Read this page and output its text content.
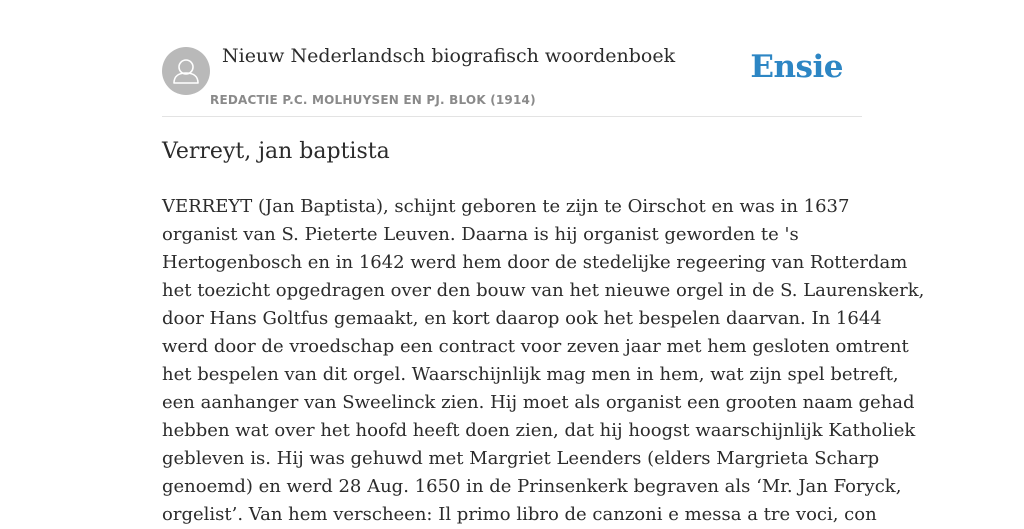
Nieuw Nederlandsch biografisch woordenboek
REDACTIE P.C. MOLHUYSEN EN PJ. BLOK (1914)
Ensie
Verreyt, jan baptista
VERREYT (Jan Baptista), schijnt geboren te zijn te Oirschot en was in 1637
organist van S. Pieterte Leuven. Daarna is hij organist geworden te 's
Hertogenbosch en in 1642 werd hem door de stedelijke regeering van Rotterdam
het toezicht opgedragen over den bouw van het nieuwe orgel in de S. Laurenskerk,
door Hans Goltfus gemaakt, en kort daarop ook het bespelen daarvan. In 1644
werd door de vroedschap een contract voor zeven jaar met hem gesloten omtrent
het bespelen van dit orgel. Waarschijnlijk mag men in hem, wat zijn spel betreft,
een aanhanger van Sweelinck zien. Hij moet als organist een grooten naam gehad
hebben wat over het hoofd heeft doen zien, dat hij hoogst waarschijnlijk Katholiek
gebleven is. Hij was gehuwd met Margriet Leenders (elders Margrieta Scharp
genoemd) en werd 28 Aug. 1650 in de Prinsenkerk begraven als ‘Mr. Jan Foryck,
orgelist’. Van hem verscheen: Il primo libro de canzoni e messa a tre voci, con
